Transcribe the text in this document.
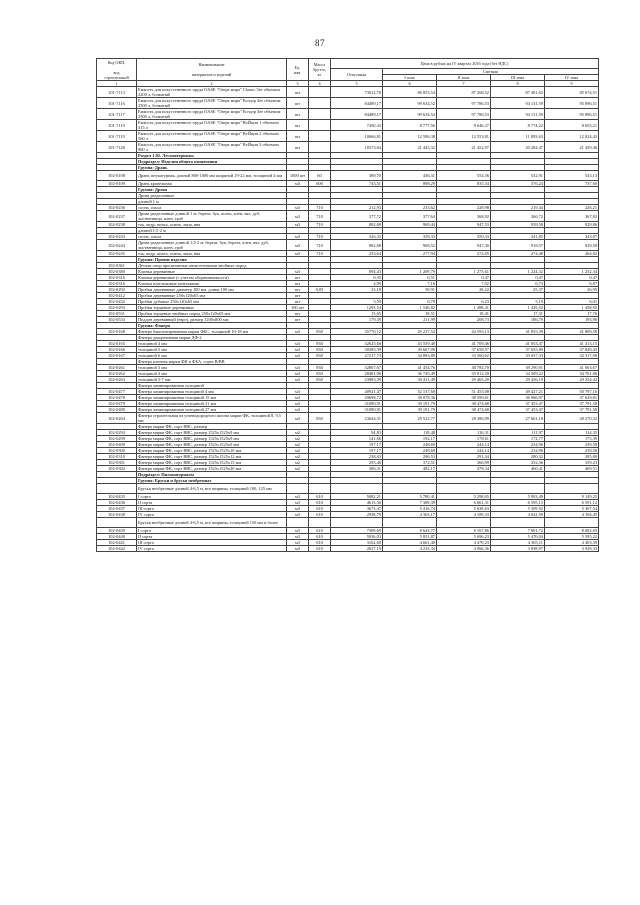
87
Код ОКП,

код
строительной	Наименование

материалов и изделий	Ед.
изм.	Масса
брутто,
кг	Цена в рублях на IV квартал 2016 года (без НДС)				
				Отпускная	Сметная			
					I зона	II зона	III зона	IV зона
1	2	3	4	5	6	7	8	9
101-7113	Емкость для искусственного пруда OASE "Озера мира" Classic 5ее объемом 2200 л, бочкатый	шт		73012,78	86 853,54	87 268,52	87 481,63	85 674,51
101-7116	Емкость для искусственного пруда OASE "Озера мира" Есндзр Зее объемом 2500 л, бочкатый	шт		84489,17	99 634,52	97 786,53	94 131,59	95 896,51
101-7117	Емкость для искусственного пруда OASE "Озера мира" Есндзр Зее объемом 2500 л, бочкатый	шт		84489,17	99 634,52	97 786,53	94 131,59	95 896,51
101-7119	Емкость для искусственного пруда OASE "Озера мира" BvЙцип 1 объемом 315 л	шт		7450,43	8 777,56	8 646,37	8 774,22	8 655,21
101-7119	Емкость для искусственного пруда OASE "Озера мира" BvЙцип 2 объемом 560 л	шт		10666,81	12 586,38	12 553,81	11 893,63	12 824,43
101-7120	Емкость для искусственного пруда OASE "Озера мира" BvЙцип 3 объемом 960 л	шт		18373,84	21 445,32	21 452,97	20 284,47	21 459,46
	Раздел 1.02. Лесоматериалы							
	Подраздел: Изделия общего назначения							
	Группа: Дрань							
102-0108	Дрань штукатурная, длиной 800-1000 мм шириной 19-22 мм, толщиной 4 мм	1000 шт	60	389,70	436,31	554,36	532,91	543,13
102-0109	Дрань кровельная	м3	600	743,51	898,29	835,34	376,24	737,60
	Группа: Дрова							
	Дрова разделанные							
	длиной 1 м							
102-0236	сосна, ольха	м3	710	212,93	233,62	228,98	219,44	226,21
102-0237	Дрова разделанные длиной 1 м: береза, бук, ясень, клен, вяз, дуб, лиственница, клен, граб	м3	710	377,72	377,64	368,92	366,72	367,82
102-0238	ель, кедр, пихта, осина, липа, ива	м3	710	882,68	969,44	947,53	939,58	929,86
	длиной 1,5-2 м							
102-0243	сосна, ольха	м3	710	326,33	358,33	350,33	341,85	343,87
102-0244	Дрова разделанные длиной 1,5-2 м: береза, бук, береза, клен, вяз, дуб, лиственница, клен, граб	м3	710	882,68	968,52	947,30	918,57	929,58
102-0245	ель, кедр, пихта, осина, липа, ива	м3	710	253,64	277,94	274,05	274,48	264,82
	Группа: Прочие изделия							
102-0361	Детали опор пропитанные антисептиками хвойных пород							
102-0380	Клинья деревянные	м3		894,43	1 209,79	1 273,61	1 224,32	1 252,34
102-0316	Клинья деревянные (с учетом оборачиваемости)	шт		0,35	0,51	0,47	0,47	0,47
102-0316	Клинья пластиковые монтажные	шт		4,99	7,16	7,02	6,73	6,87
102-0292	Пробки деревянные диаметр 100 мм, длина 100 мм	шт	0,05	23,18	39,91	28,22	25,37	26,95
102-0412	Пробки деревянные 250х120х65 мм	шт						
102-0432	Пробки дубовые 250х120х65 мм	шт		5,59	6,79	6,23	5,19	6,01
102-0293	Пробки торцевые деревянные	100 шт		1293,54	1 546,82	1 488,41	1 429,52	1 458,95
102-0531	Пробки торцевые хвойных пород 250х120х65 мм	шт		15,65	18,51	18,41	17,31	17,76
102-0533	Поддон деревянный (евро), размер 1200х800 мм	шт		179,39	211,99	208,73	186,79	193,96
	Группа: Фанера							
102-0168	Фанера бакелизированная марки ФБС, толщиной 10-18 мм	м3	830	35770,12	45 237,54	44 593,13	41 855,39	41 809,59
	Фанера декоративная марки ДФ-2							
102-0165	толщиной 4 мм	м3	830	32625,66	43 559,48	41 709,46	41 053,47	41 413,15
102-0166	толщиной 5 мм	м3	830	30385,39	39 667,09	37 658,57	37 655,89	37 849,43
102-0167	толщиной 6 мм	м3	830	27217,73	34 883,89	33 560,02	33 037,33	32 317,99
	Фанера клееная марки ФК и ФБА, сорта В/ВВ							
102-0261	толщиной 3 мм	м3	830	32867,67	41 454,76	40 784,70	39 290,91	41 063,67
102-0262	толщиной 4 мм	м3	830	28481,96	36 749,49	35 012,29	34 309,22	34 761,86
102-0263	толщиной 5-7 мм	м3	830	23983,39	30 431,49	29 465,20	29 436,19	29 254,42
	Фанера ламинированная толщиной							
102-0477	Фанера ламинированная толщиной 4 мм	м3		40921,47	52 137,68	51 453,08	49 427,21	50 797,16
102-0478	Фанера ламинированная толщиной 15 мм	м3		29698,72	39 078,36	38 599,61	36 966,97	37 629,81
102-0479	Фанера ламинированная толщиной 21 мм	м3		31080,91	39 191,79	38 474,68	37 453,47	37 791,58
102-0480	Фанера ламинированная толщиной 27 мм	м3		31080,91	39 191,79	38 474,68	37 453,47	37 791,58
102-0264	Фанера строительная из углеводородного шпона марки ФК, толщиной 8, 9,5 мм	м3	830	23644,31	29 522,77	28 386,99	27 661,18	28 270,32
	Фанера марки ФК, сорт ВВС, размер							
102-0294	Фанера марки ФК, сорт ВВС, размер 1525х1525х9 мм	м2		94,83	118,48	116,31	111,97	114,35
102-0299	Фанера марки ФК, сорт ВВС, размер 1525х1525х9 мм	м2		141,66	192,17	178,61	172,77	175,39
102-0400	Фанера марки ФК, сорт ВВС, размер 1525х1525х9 мм	м2		197,17	248,69	244,14	234,96	239,58
102-0300	Фанера марки ФК, сорт ВВС, размер 1525х1525х10 мм	м2		197,17	248,69	244,14	234,96	239,58
102-0310	Фанера марки ФК, сорт ВВС, размер 1525х1525х12 мм	м2		238,43	296,53	291,34	280,32	285,80
102-0301	Фанера марки ФК, сорт ВВС, размер 1525х1525х15 мм	м2		295,46	372,51	366,99	352,36	359,23
102-0302	Фанера марки ФК, сорт ВВС, размер 1525х1525х20 мм	м2		386,31	482,17	478,34	460,41	469,51
	Подраздел: Пиломатериалы							
	Группа: Бруски и брусья необрезные							
	Брусья необрезные длиной 4-6,5 м, все ширины, толщиной 100, 125 мм							
102-0435	I сорта	м3	610	5082,21	5 780,41	5 298,65	5 903,49	9 149,25
102-0436	II сорта	м3	610	4613,36	7 389,39	6 661,31	6 595,15	6 591,12
102-0437	III сорта	м3	610	3673,47	5 416,74	5 638,63	5 309,92	5 367,54
102-0438	IV сорта	м3	610	2938,79	4 363,17	4 189,33	4 022,59	4 104,45
	Брусья необрезные длиной 4-6,5 м, все ширины, толщиной 150 мм и более							
102-0439	I сорта	м3	610	7369,69	8 643,77	8 167,86	7 901,72	8 082,83
102-0440	II сорта	м3	610	5036,03	5 851,87	5 696,23	5 470,04	5 595,22
102-0441	III сорта	м3	610	3162,60	4 661,40	4 479,23	4 305,11	4 403,39
102-0442	IV сорта	м3	610	2627,19	4 233,34	4 066,36	3 838,97	3 928,33
